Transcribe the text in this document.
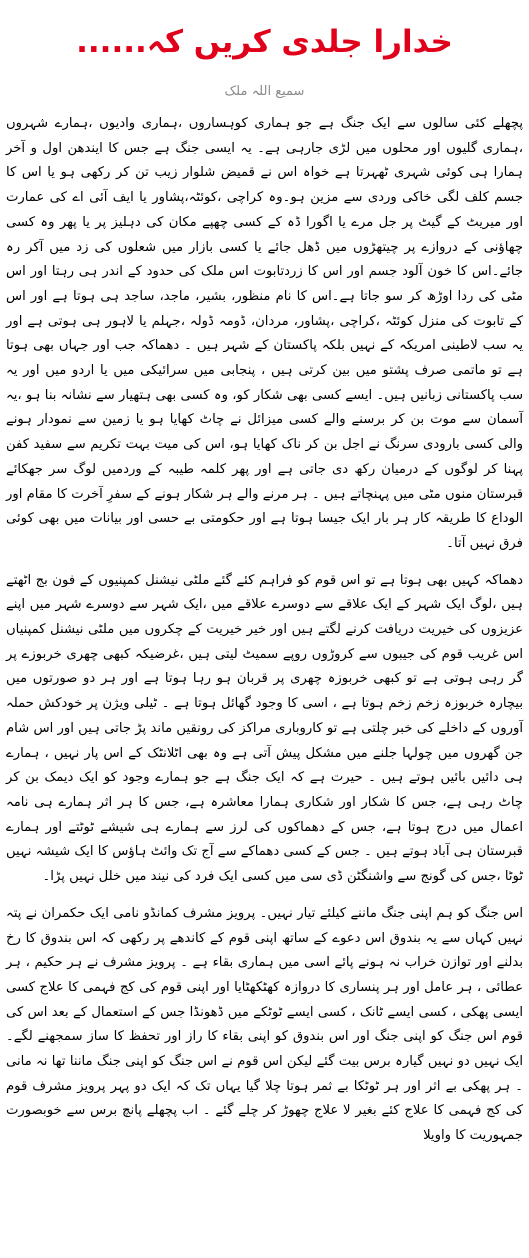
خدارا جلدی کریں کہ......
سمیع اللہ ملک

پچھلے کئی سالوں سے ایک جنگ ہے جو ہماری کوہساروں ،ہماری وادیوں ،ہمارے شہروں ،ہماری گلیوں اور محلوں میں لڑی جارہی ہے۔ یہ ایسی جنگ ہے جس کا ایندھن اول و آخر ہمارا ہی کوئی شہری ٹھہرتا ہے خواہ اس نے قمیض شلوار زیب تن کر رکھی ہو یا اس کا جسم کلف لگی خاکی وردی سے مزین ہو۔وہ کراچی ،کوئٹہ،پشاور یا ایف آئی اے کی عمارت اور میریٹ کے گیٹ پر جل مرے یا اگورا ڈہ کے کسی چھپے مکان کی دہلیز پر یا پھر وہ کسی چھاؤنی کے دروازے پر چیتھڑوں میں ڈھل جائے یا کسی بازار میں شعلوں کی زد میں آکر رہ جائے۔اس کا خون آلود جسم اور اس کا زردتابوت اس ملک کی حدود کے اندر ہی رہتا اور اس مٹی کی ردا اوڑھ کر سو جاتا ہے۔اس کا نام منظور، بشیر، ماجد، ساجد ہی ہوتا ہے اور اس کے تابوت کی منزل کوئٹہ ،کراچی ،پشاور، مردان، ڈومہ ڈولہ ،جہلم یا لاہور ہی ہوتی ہے اور یہ سب لاطینی امریکہ کے نہیں بلکہ پاکستان کے شہر ہیں ۔ دھماکہ جب اور جہاں بھی ہوتا ہے تو ماتمی صرف پشتو میں بین کرتی ہیں ، پنجابی میں سرائیکی میں یا اردو میں اور یہ سب پاکستانی زبانیں ہیں۔ ایسے کسی بھی شکار کو، وہ کسی بھی ہتھیار سے نشانہ بنا ہو ،یہ آسمان سے موت بن کر برسنے والے کسی میزائل نے چاٹ کھایا ہو یا زمین سے نمودار ہونے والی کسی بارودی سرنگ نے اجل بن کر ناک کھایا ہو، اس کی میت بہت تکریم سے سفید کفن پہنا کر لوگوں کے درمیان رکھ دی جاتی ہے اور پھر کلمہ طیبہ کے وردمیں لوگ سر جھکائے قبرستان منوں مٹی میں پہنچاتے ہیں ۔ ہر مرنے والے ہر شکار ہونے کے سفرِ آخرت کا مقام اور الوداع کا طریقہ کار ہر بار ایک جیسا ہوتا ہے اور حکومتی بے حسی اور بیانات میں بھی کوئی فرق نہیں آتا۔

دھماکہ کہیں بھی ہوتا ہے تو اس قوم کو فراہم کئے گئے ملٹی نیشنل کمپنیوں کے فون بج اٹھتے ہیں ،لوگ ایک شہر کے ایک علاقے سے دوسرے علاقے میں ،ایک شہر سے دوسرے شہر میں اپنے عزیزوں کی خیریت دریافت کرنے لگتے ہیں اور خیر خیریت کے چکروں میں ملٹی نیشنل کمپنیاں اس غریب قوم کی جیبوں سے کروڑوں روپے سمیٹ لیتی ہیں ،غرضیکہ کبھی چھری خربوزے پر گر رہی ہوتی ہے تو کبھی خربوزہ چھری پر قربان ہو رہا ہوتا ہے اور ہر دو صورتوں میں بیچارہ خربوزہ زخم زخم ہوتا ہے ، اسی کا وجود گھائل ہوتا ہے ۔ ٹیلی ویژن پر خودکش حملہ آوروں کے داخلے کی خبر چلتی ہے تو کاروباری مراکز کی رونقیں ماند پڑ جاتی ہیں اور اس شام جن گھروں میں چولہا جلنے میں مشکل پیش آتی ہے وہ بھی اٹلانٹک کے اس پار نہیں ، ہمارے ہی دائیں بائیں ہوتے ہیں ۔ حیرت ہے کہ ایک جنگ ہے جو ہمارے وجود کو ایک دیمک بن کر چاٹ رہی ہے، جس کا شکار اور شکاری ہمارا معاشرہ ہے، جس کا ہر اثر ہمارے ہی نامہ اعمال میں درج ہوتا ہے، جس کے دھماکوں کی لرز سے ہمارے ہی شیشے ٹوٹتے اور ہمارے قبرستان ہی آباد ہوتے ہیں ۔ جس کے کسی دھماکے سے آج تک وائٹ ہاؤس کا ایک شیشہ نہیں ٹوٹا ،جس کی گونج سے واشنگٹن ڈی سی میں کسی ایک فرد کی نیند میں خلل نہیں پڑا۔

اس جنگ کو ہم اپنی جنگ ماننے کیلئے تیار نہیں۔ پرویز مشرف کمانڈو نامی ایک حکمران نے پتہ نہیں کہاں سے یہ بندوق اس دعوے کے ساتھ اپنی قوم کے کاندھے پر رکھی کہ اس بندوق کا رخ بدلنے اور توازن خراب نہ ہونے پائے اسی میں ہماری بقاء ہے ۔ پرویز مشرف نے ہر حکیم ، ہر عطائی ، ہر عامل اور ہر پنساری کا دروازہ کھٹکھٹایا اور اپنی قوم کی کج فہمی کا علاج کسی ایسی پھکی ، کسی ایسے ٹانک ، کسی ایسے ٹوٹکے میں ڈھونڈا جس کے استعمال کے بعد اس کی قوم اس جنگ کو اپنی جنگ اور اس بندوق کو اپنی بقاء کا راز اور تحفظ کا ساز سمجھنے لگے۔ ایک نہیں دو نہیں گیارہ برس بیت گئے لیکن اس قوم نے اس جنگ کو اپنی جنگ ماننا تھا نہ مانی ۔ ہر پھکی بے اثر اور ہر ٹوٹکا بے ثمر ہوتا چلا گیا یہاں تک کہ ایک دو پہر پرویز مشرف قوم کی کج فہمی کا علاج کئے بغیر لا علاج چھوڑ کر چلے گئے ۔ اب پچھلے پانچ برس سے خوبصورت جمہوریت کا واویلا
